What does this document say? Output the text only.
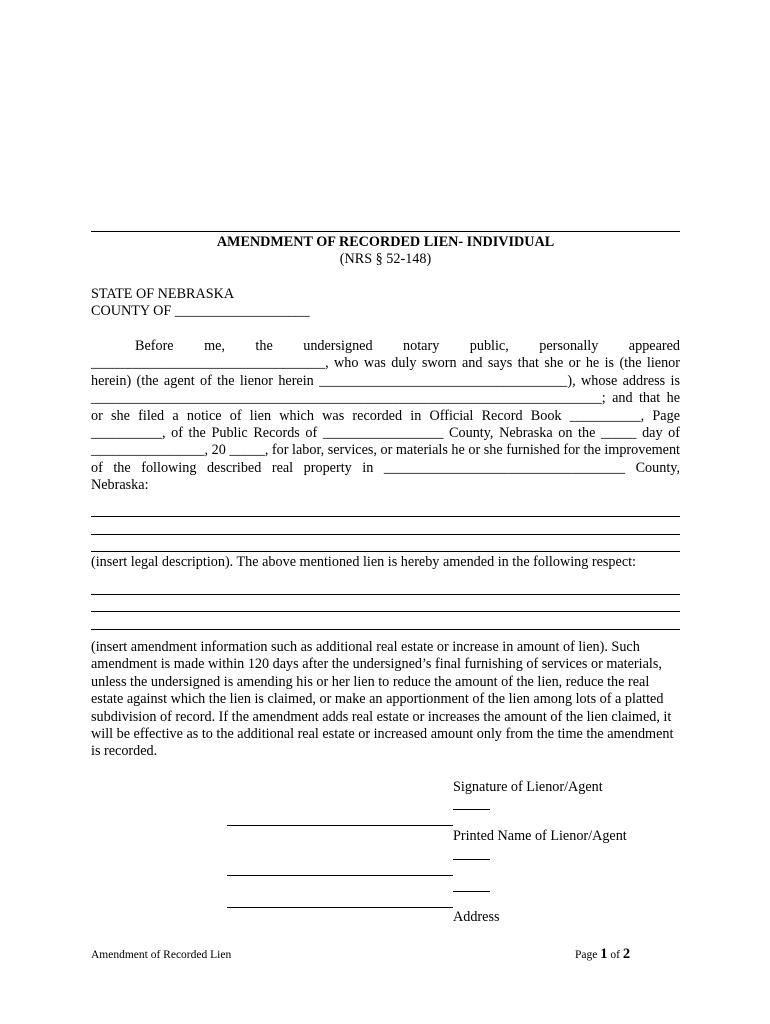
AMENDMENT OF RECORDED LIEN- INDIVIDUAL
(NRS § 52-148)
STATE OF NEBRASKA
COUNTY OF ___________________
Before me, the undersigned notary public, personally appeared _________________________________, who was duly sworn and says that she or he is (the lienor herein) (the agent of the lienor herein ___________________________________), whose address is ________________________________________________________________________; and that he or she filed a notice of lien which was recorded in Official Record Book __________, Page __________, of the Public Records of _________________ County, Nebraska on the _____ day of ________________, 20 _____, for labor, services, or materials he or she furnished for the improvement of the following described real property in __________________________________ County, Nebraska:
(insert legal description). The above mentioned lien is hereby amended in the following respect:
(insert amendment information such as additional real estate or increase in amount of lien). Such amendment is made within 120 days after the undersigned’s final furnishing of services or materials, unless the undersigned is amending his or her lien to reduce the amount of the lien, reduce the real estate against which the lien is claimed, or make an apportionment of the lien among lots of a platted subdivision of record. If the amendment adds real estate or increases the amount of the lien claimed, it will be effective as to the additional real estate or increased amount only from the time the amendment is recorded.
Signature of Lienor/Agent
Printed Name of Lienor/Agent
Address
Amendment of Recorded Lien	Page 1 of 2
